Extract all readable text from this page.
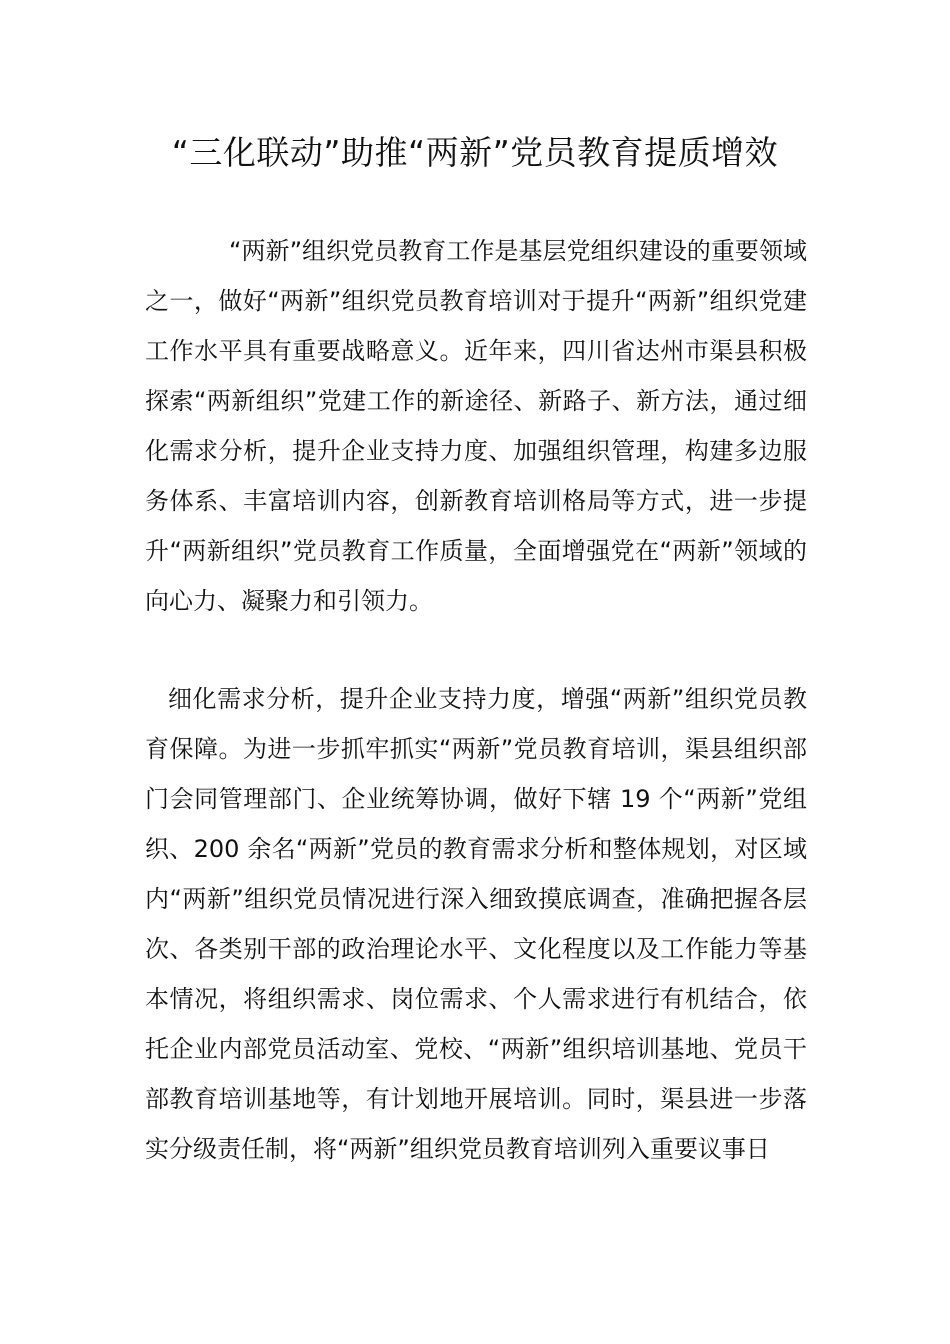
“三化联动”助推“两新”党员教育提质增效

“两新”组织党员教育工作是基层党组织建设的重要领域之一，做好“两新”组织党员教育培训对于提升“两新”组织党建工作水平具有重要战略意义。近年来，四川省达州市渠县积极探索“两新组织”党建工作的新途径、新路子、新方法，通过细化需求分析，提升企业支持力度、加强组织管理，构建多边服务体系、丰富培训内容，创新教育培训格局等方式，进一步提升“两新组织”党员教育工作质量，全面增强党在“两新”领域的向心力、凝聚力和引领力。

细化需求分析，提升企业支持力度，增强“两新”组织党员教育保障。为进一步抓牢抓实“两新”党员教育培训，渠县组织部门会同管理部门、企业统筹协调，做好下辖 19 个“两新”党组织、200 余名“两新”党员的教育需求分析和整体规划，对区域内“两新”组织党员情况进行深入细致摸底调查，准确把握各层次、各类别干部的政治理论水平、文化程度以及工作能力等基本情况，将组织需求、岗位需求、个人需求进行有机结合，依托企业内部党员活动室、党校、“两新”组织培训基地、党员干部教育培训基地等，有计划地开展培训。同时，渠县进一步落实分级责任制，将“两新”组织党员教育培训列入重要议事日
